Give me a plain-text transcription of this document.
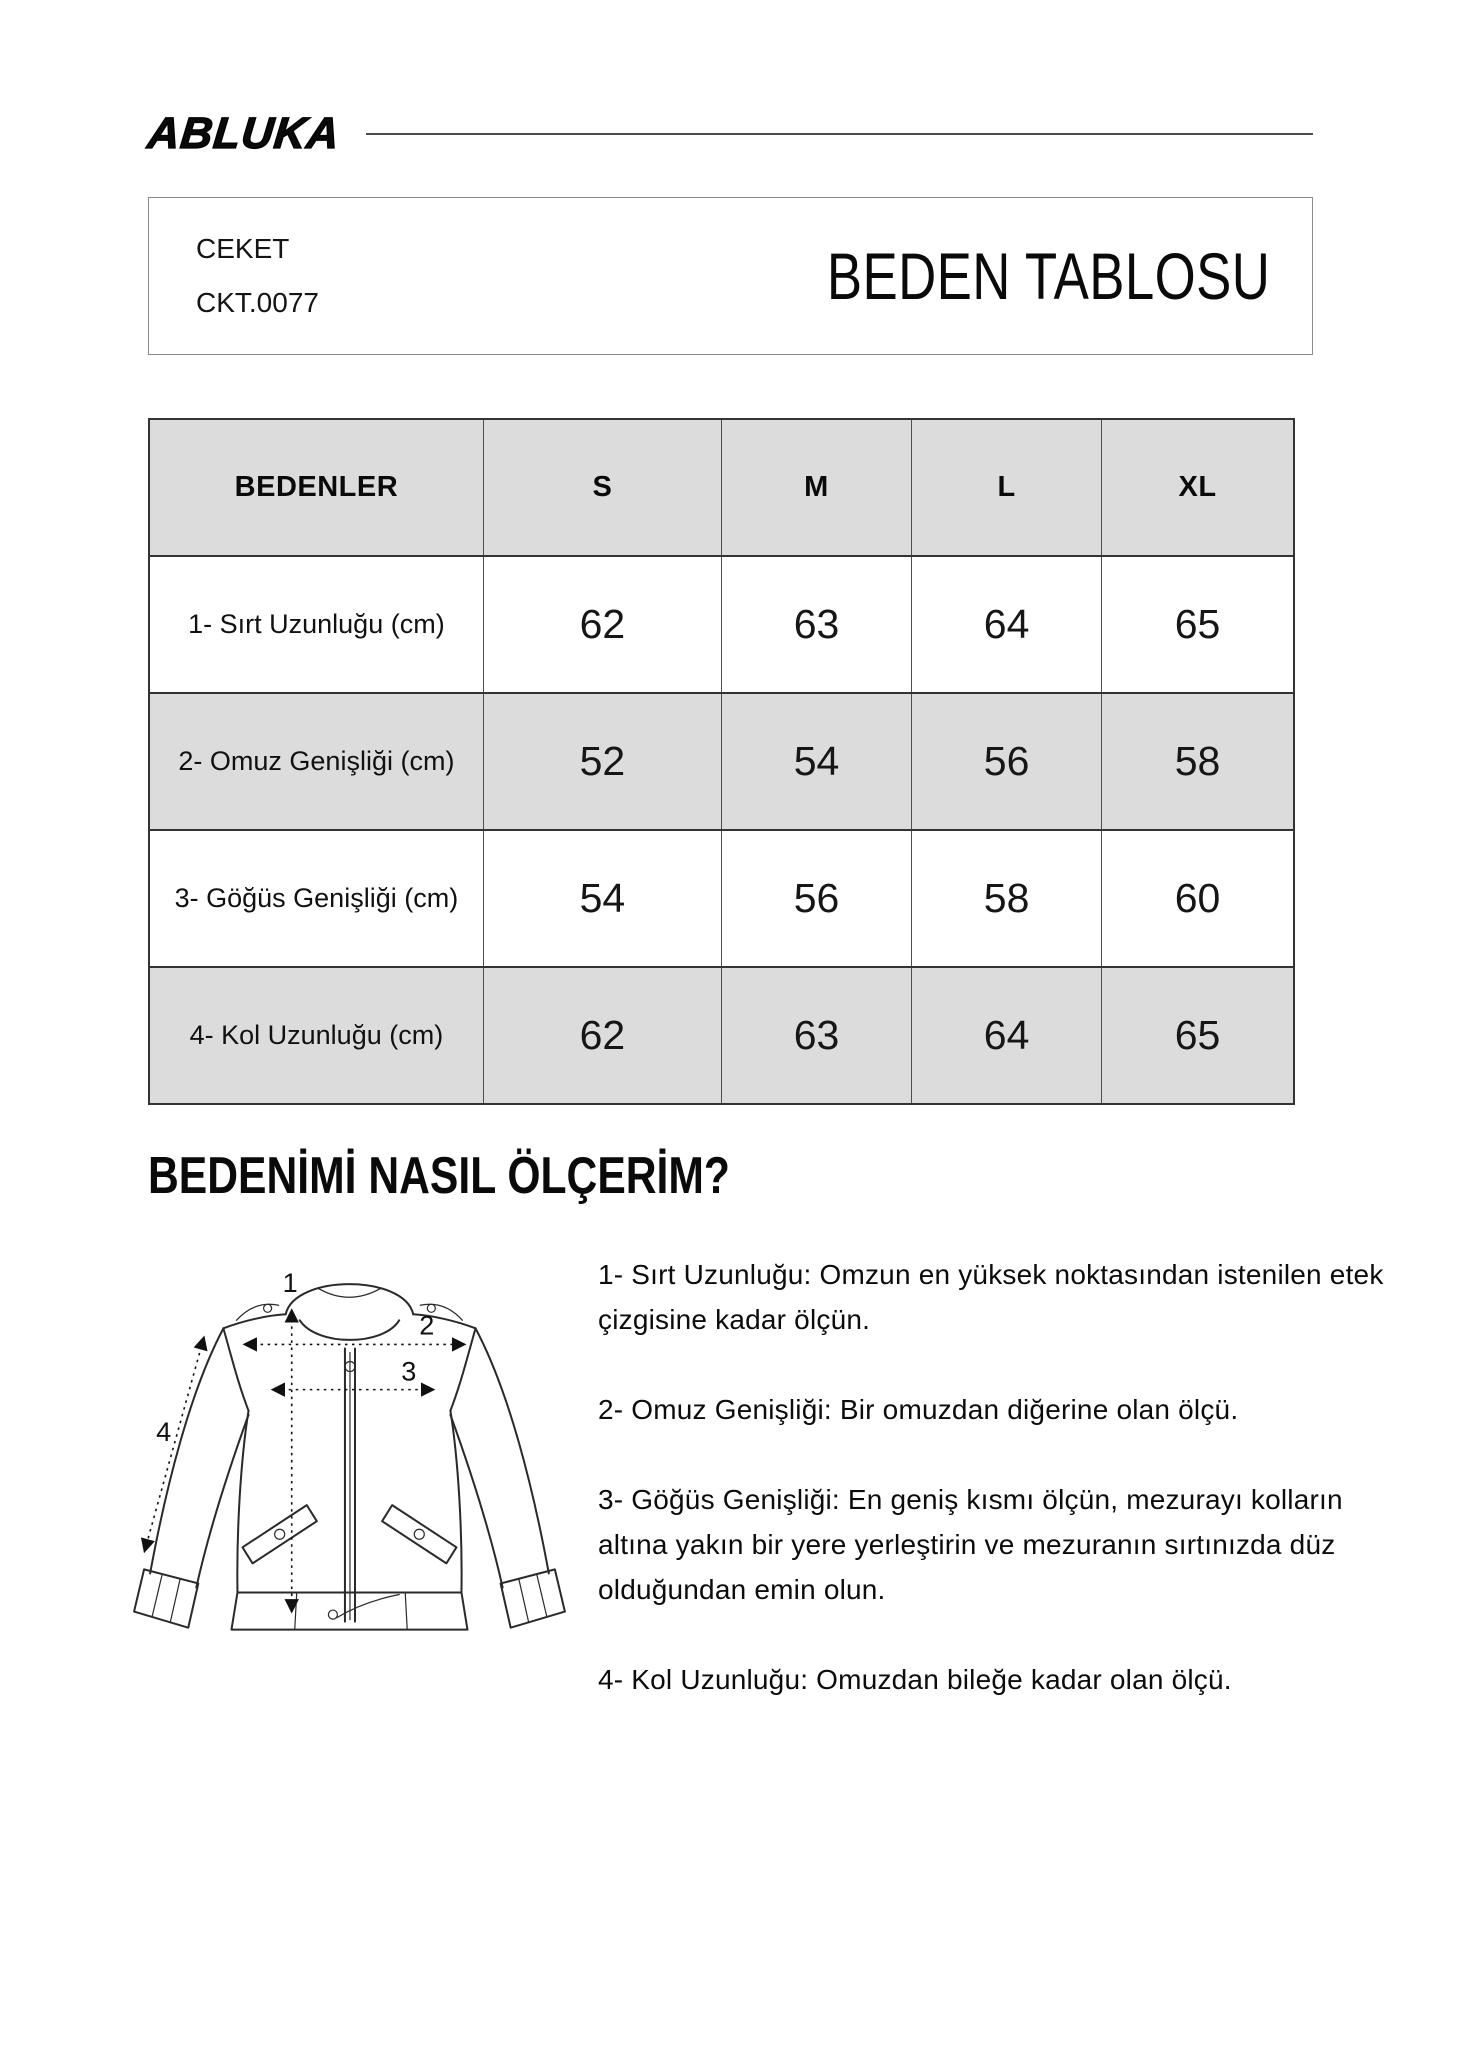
ABLUKA
CEKET
CKT.0077	BEDEN TABLOSU
BEDENLER	S	M	L	XL
1- Sırt Uzunluğu (cm)	62	63	64	65
2- Omuz Genişliği (cm)	52	54	56	58
3- Göğüs Genişliği (cm)	54	56	58	60
4- Kol Uzunluğu (cm)	62	63	64	65
BEDENİMİ NASIL ÖLÇERİM?
1
2
3
4

1- Sırt Uzunluğu: Omzun en yüksek noktasından istenilen etek çizgisine kadar ölçün.

2- Omuz Genişliği: Bir omuzdan diğerine olan ölçü.

3- Göğüs Genişliği: En geniş kısmı ölçün, mezurayı kolların altına yakın bir yere yerleştirin ve mezuranın sırtınızda düz olduğundan emin olun.

4- Kol Uzunluğu: Omuzdan bileğe kadar olan ölçü.
